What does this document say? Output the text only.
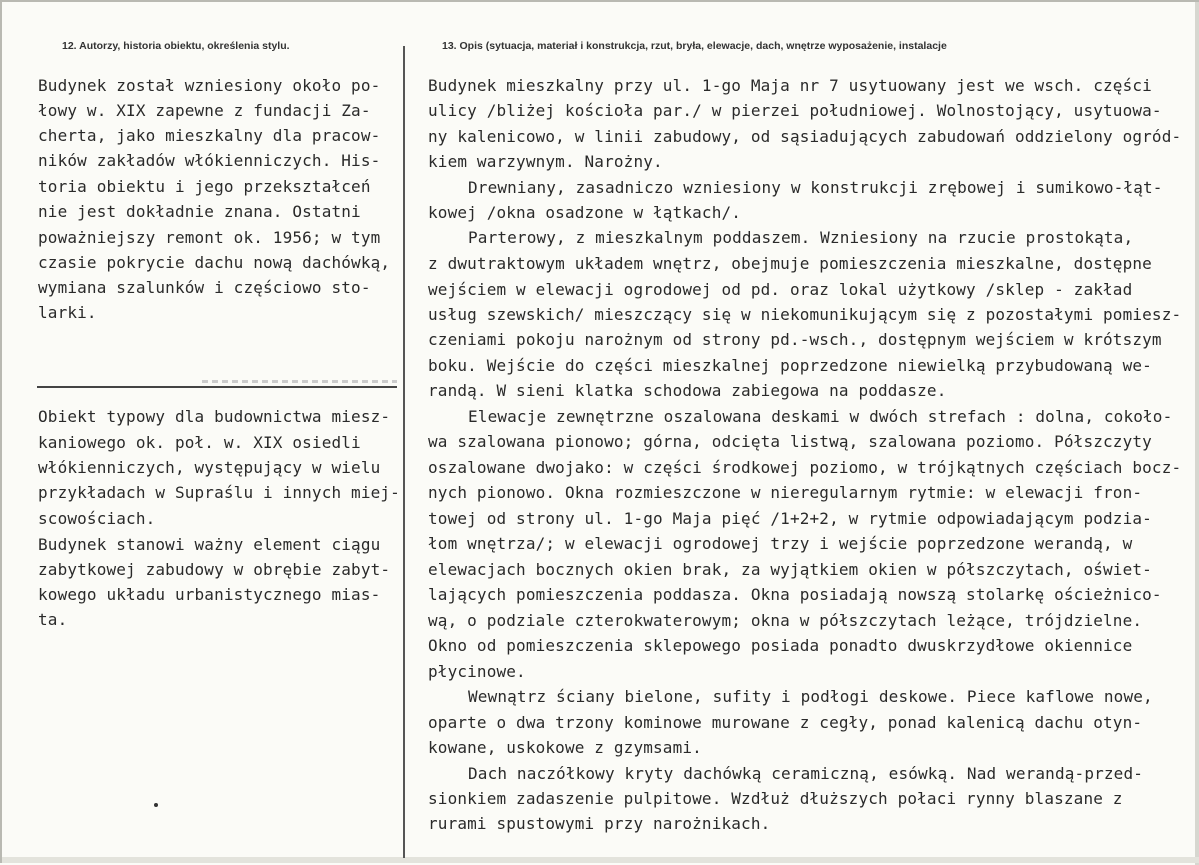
12. Autorzy, historia obiektu, określenia stylu.	13. Opis (sytuacja, materiał i konstrukcja, rzut, bryła, elewacje, dach, wnętrze wyposażenie, instalacje
Budynek został wzniesiony około po-
łowy w. XIX zapewne z fundacji Za-
cherta, jako mieszkalny dla pracow-
ników zakładów włókienniczych. His-
toria obiektu i jego przekształceń
nie jest dokładnie znana. Ostatni
poważniejszy remont ok. 1956; w tym
czasie pokrycie dachu nową dachówką,
wymiana szalunków i częściowo sto-
larki.
Obiekt typowy dla budownictwa miesz-
kaniowego ok. poł. w. XIX osiedli
włókienniczych, występujący w wielu
przykładach w Supraślu i innych miej-
scowościach.
Budynek stanowi ważny element ciągu
zabytkowej zabudowy w obrębie zabyt-
kowego układu urbanistycznego mias-
ta.
Budynek mieszkalny przy ul. 1-go Maja nr 7 usytuowany jest we wsch. części
ulicy /bliżej kościoła par./ w pierzei południowej. Wolnostojący, usytuowa-
ny kalenicowo, w linii zabudowy, od sąsiadujących zabudowań oddzielony ogród-
kiem warzywnym. Narożny.
Drewniany, zasadniczo wzniesiony w konstrukcji zrębowej i sumikowo-łąt-
kowej /okna osadzone w łątkach/.
Parterowy, z mieszkalnym poddaszem. Wzniesiony na rzucie prostokąta,
z dwutraktowym układem wnętrz, obejmuje pomieszczenia mieszkalne, dostępne
wejściem w elewacji ogrodowej od pd. oraz lokal użytkowy /sklep - zakład
usług szewskich/ mieszczący się w niekomunikującym się z pozostałymi pomiesz-
czeniami pokoju narożnym od strony pd.-wsch., dostępnym wejściem w krótszym
boku. Wejście do części mieszkalnej poprzedzone niewielką przybudowaną we-
randą. W sieni klatka schodowa zabiegowa na poddasze.
Elewacje zewnętrzne oszalowana deskami w dwóch strefach : dolna, cokoło-
wa szalowana pionowo; górna, odcięta listwą, szalowana poziomo. Półszczyty
oszalowane dwojako: w części środkowej poziomo, w trójkątnych częściach bocz-
nych pionowo. Okna rozmieszczone w nieregularnym rytmie: w elewacji fron-
towej od strony ul. 1-go Maja pięć /1+2+2, w rytmie odpowiadającym podzia-
łom wnętrza/; w elewacji ogrodowej trzy i wejście poprzedzone werandą, w
elewacjach bocznych okien brak, za wyjątkiem okien w półszczytach, oświet-
lających pomieszczenia poddasza. Okna posiadają nowszą stolarkę ościeżnico-
wą, o podziale czterokwaterowym; okna w półszczytach leżące, trójdzielne.
Okno od pomieszczenia sklepowego posiada ponadto dwuskrzydłowe okiennice
płycinowe.
Wewnątrz ściany bielone, sufity i podłogi deskowe. Piece kaflowe nowe,
oparte o dwa trzony kominowe murowane z cegły, ponad kalenicą dachu otyn-
kowane, uskokowe z gzymsami.
Dach naczółkowy kryty dachówką ceramiczną, esówką. Nad werandą-przed-
sionkiem zadaszenie pulpitowe. Wzdłuż dłuższych połaci rynny blaszane z
rurami spustowymi przy narożnikach.
